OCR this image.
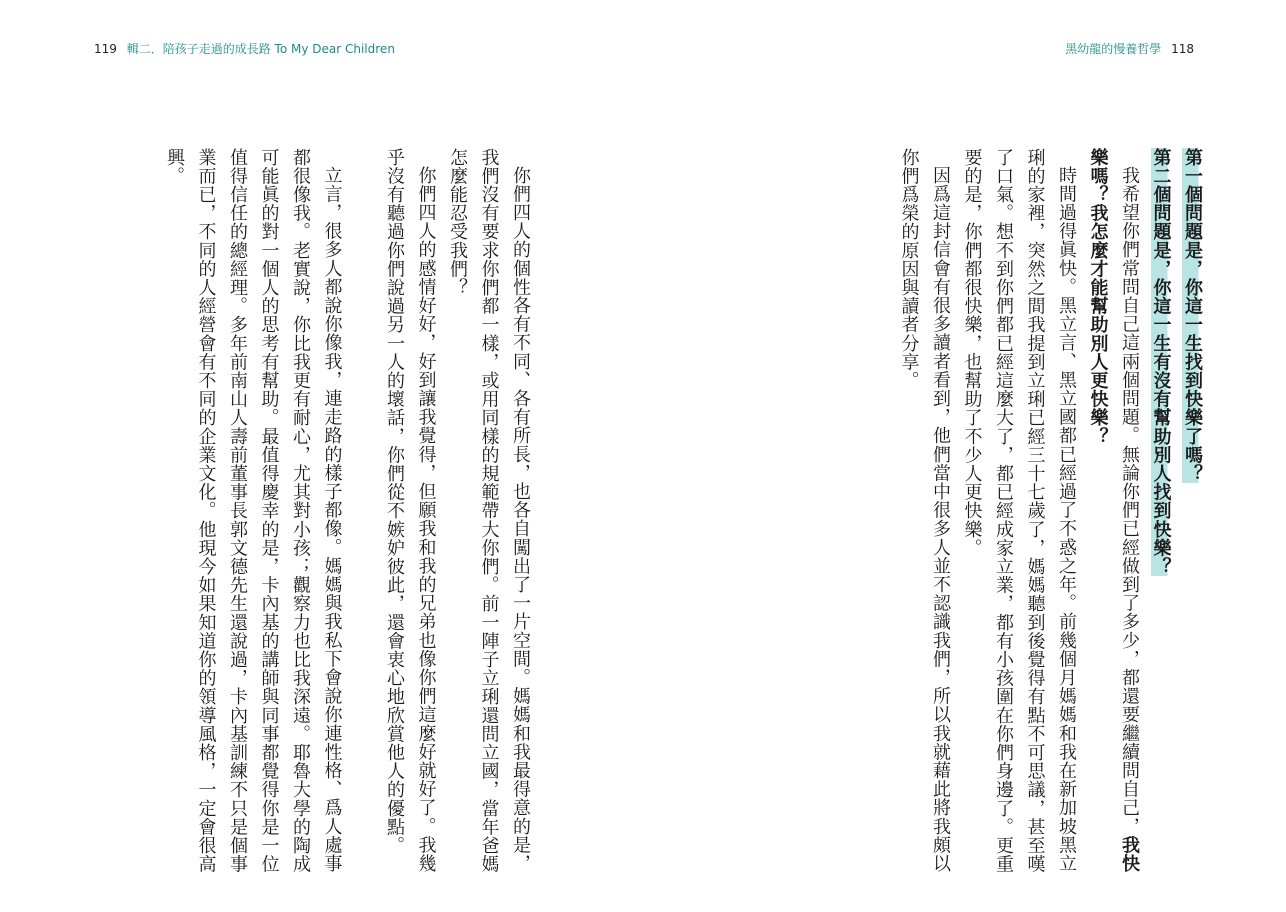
119 輯二．陪孩子走過的成長路 To My Dear Children	黑幼龍的慢養哲學 118

第一個問題是，你這一生找到快樂了嗎？

第二個問題是，你這一生有沒有幫助別人找到快樂？

我希望你們常問自己這兩個問題。無論你們已經做到了多少，都還要繼續問自己，我快樂嗎？我怎麼才能幫助別人更快樂？

時間過得眞快。黑立言、黑立國都已經過了不惑之年。前幾個月媽媽和我在新加坡黑立琍的家裡，突然之間我提到立琍已經三十七歲了，媽媽聽到後覺得有點不可思議，甚至嘆了口氣。想不到你們都已經這麼大了，都已經成家立業，都有小孩圍在你們身邊了。更重要的是，你們都很快樂，也幫助了不少人更快樂。

因爲這封信會有很多讀者看到，他們當中很多人並不認識我們，所以我就藉此將我頗以你們爲榮的原因與讀者分享。

你們四人的個性各有不同、各有所長，也各自闖出了一片空間。媽媽和我最得意的是，我們沒有要求你們都一樣，或用同樣的規範帶大你們。前一陣子立琍還問立國，當年爸媽怎麼能忍受我們？

你們四人的感情好好，好到讓我覺得，但願我和我的兄弟也像你們這麼好就好了。我幾乎沒有聽過你們說過另一人的壞話，你們從不嫉妒彼此，還會衷心地欣賞他人的優點。

立言，很多人都說你像我，連走路的樣子都像。媽媽與我私下會說你連性格、爲人處事都很像我。老實說，你比我更有耐心，尤其對小孩；觀察力也比我深遠。耶魯大學的陶成可能眞的對一個人的思考有幫助。最值得慶幸的是，卡內基的講師與同事都覺得你是一位值得信任的總經理。多年前南山人壽前董事長郭文德先生還說過，卡內基訓練不只是個事業而已，不同的人經營會有不同的企業文化。他現今如果知道你的領導風格，一定會很高興。
